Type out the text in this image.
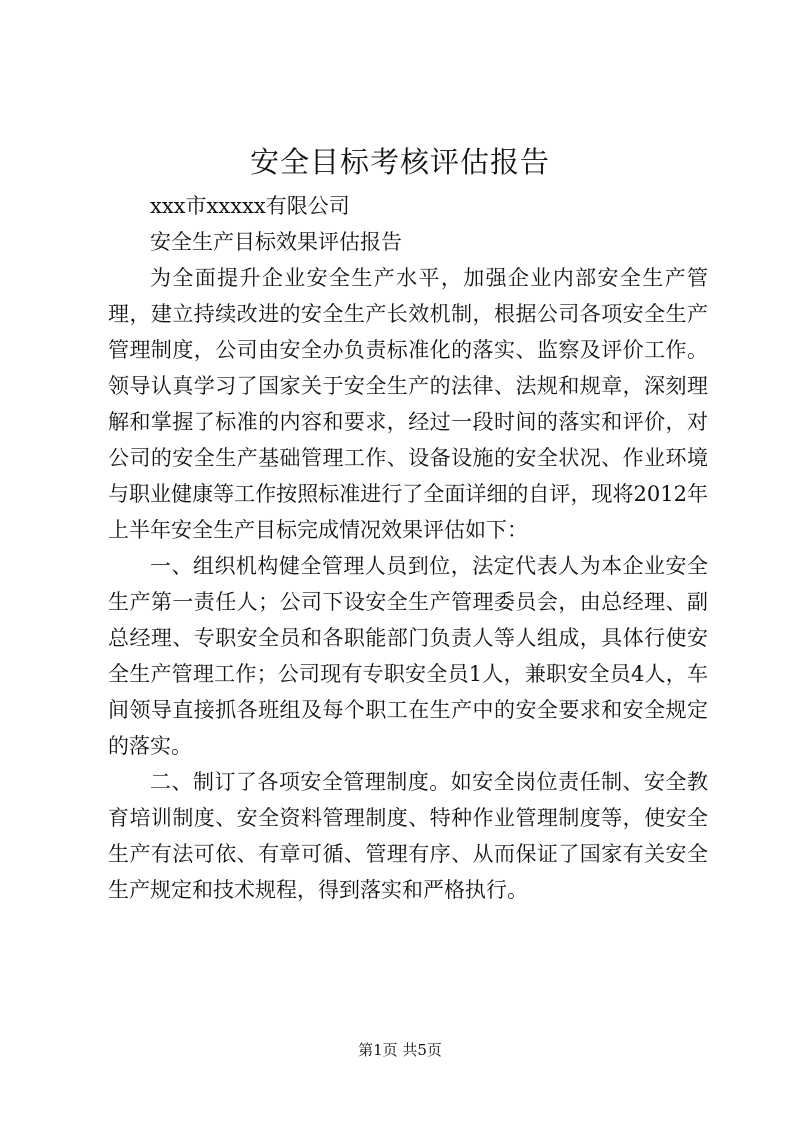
安全目标考核评估报告

xxx市xxxxx有限公司

安全生产目标效果评估报告

为全面提升企业安全生产水平，加强企业内部安全生产管理，建立持续改进的安全生产长效机制，根据公司各项安全生产管理制度，公司由安全办负责标准化的落实、监察及评价工作。领导认真学习了国家关于安全生产的法律、法规和规章，深刻理解和掌握了标准的内容和要求，经过一段时间的落实和评价，对公司的安全生产基础管理工作、设备设施的安全状况、作业环境与职业健康等工作按照标准进行了全面详细的自评，现将2012年上半年安全生产目标完成情况效果评估如下：

一、组织机构健全管理人员到位，法定代表人为本企业安全生产第一责任人；公司下设安全生产管理委员会，由总经理、副总经理、专职安全员和各职能部门负责人等人组成，具体行使安全生产管理工作；公司现有专职安全员1人，兼职安全员4人，车间领导直接抓各班组及每个职工在生产中的安全要求和安全规定的落实。

二、制订了各项安全管理制度。如安全岗位责任制、安全教育培训制度、安全资料管理制度、特种作业管理制度等，使安全生产有法可依、有章可循、管理有序、从而保证了国家有关安全生产规定和技术规程，得到落实和严格执行。

第1页 共5页
